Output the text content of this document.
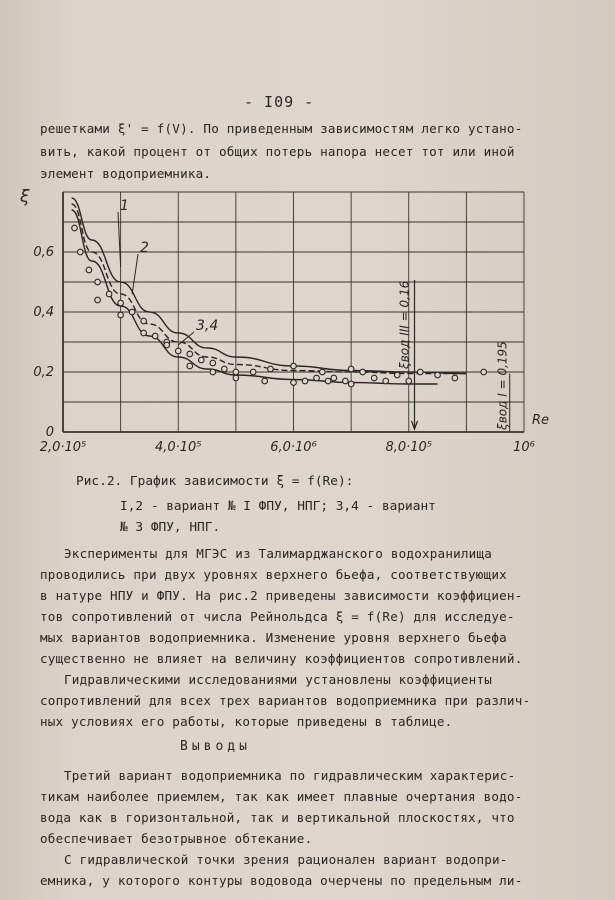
- I09 -
решетками ξ' = f(V). По приведенным зависимостям легко устано-
вить, какой процент от общих потерь напора несет тот или иной
элемент водоприемника.
0
0,2
0,4
0,6
2,0·10⁵	4,0·10⁵	6,0·10⁶	8,0·10⁵	10⁶
ξ
Re
1
2
3,4	ξвод III = 0,16
ξвод I = 0,195
Рис.2. График зависимости ξ = f(Re):
I,2 - вариант № I ФПУ, НПГ; 3,4 - вариант
№ 3 ФПУ, НПГ.
Эксперименты для МГЭС из Талимарджанского водохранилища
проводились при двух уровнях верхнего бьефа, соответствующих
в натуре НПУ и ФПУ. На рис.2 приведены зависимости коэффициен-
тов сопротивлений от числа Рейнольдса ξ = f(Re) для исследуе-
мых вариантов водоприемника. Изменение уровня верхнего бьефа
существенно не влияет на величину коэффициентов сопротивлений.
Гидравлическими исследованиями установлены коэффициенты
сопротивлений для всех трех вариантов водоприемника при различ-
ных условиях его работы, которые приведены в таблице.
Выводы
Третий вариант водоприемника по гидравлическим характерис-
тикам наиболее приемлем, так как имеет плавные очертания водо-
вода как в горизонтальной, так и вертикальной плоскостях, что
обеспечивает безотрывное обтекание.
С гидравлической точки зрения рационален вариант водопри-
емника, у которого контуры водовода очерчены по предельным ли-
